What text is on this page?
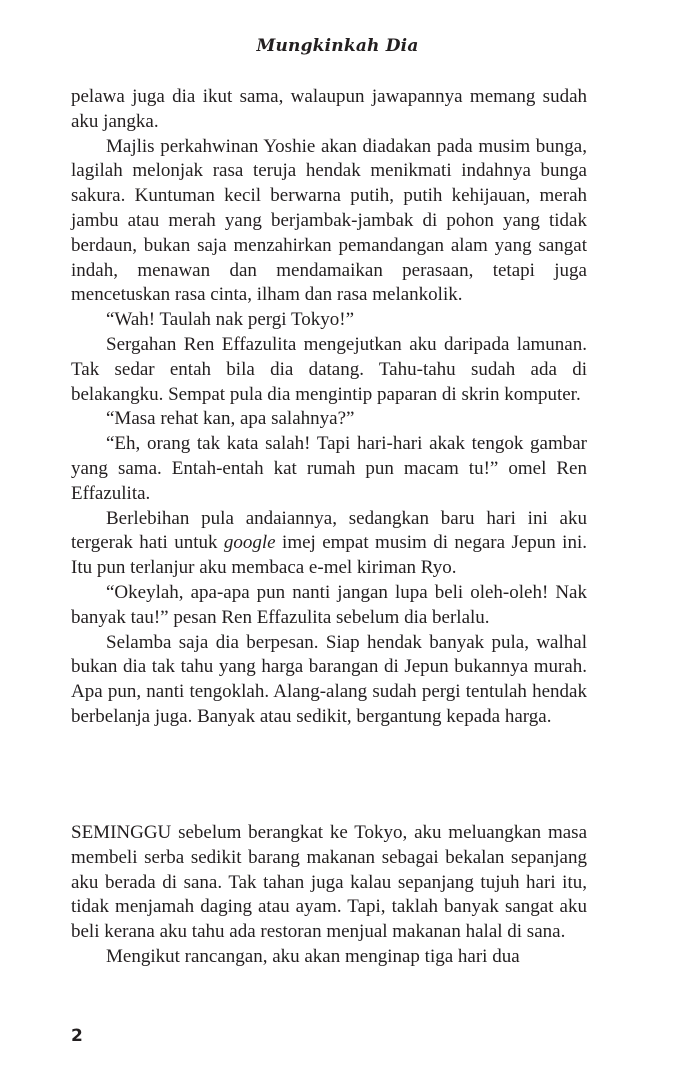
Mungkinkah Dia

pelawa juga dia ikut sama, walaupun jawapannya memang sudah aku jangka.

Majlis perkahwinan Yoshie akan diadakan pada musim bunga, lagilah melonjak rasa teruja hendak menikmati indahnya bunga sakura. Kuntuman kecil berwarna putih, putih kehijauan, merah jambu atau merah yang berjambak-jambak di pohon yang tidak berdaun, bukan saja menzahirkan pemandangan alam yang sangat indah, menawan dan mendamaikan perasaan, tetapi juga mencetuskan rasa cinta, ilham dan rasa melankolik.

“Wah! Taulah nak pergi Tokyo!”

Sergahan Ren Effazulita mengejutkan aku daripada lamunan. Tak sedar entah bila dia datang. Tahu-tahu sudah ada di belakangku. Sempat pula dia mengintip paparan di skrin komputer.

“Masa rehat kan, apa salahnya?”

“Eh, orang tak kata salah! Tapi hari-hari akak tengok gambar yang sama. Entah-entah kat rumah pun macam tu!” omel Ren Effazulita.

Berlebihan pula andaiannya, sedangkan baru hari ini aku tergerak hati untuk google imej empat musim di negara Jepun ini. Itu pun terlanjur aku membaca e-mel kiriman Ryo.

“Okeylah, apa-apa pun nanti jangan lupa beli oleh-oleh! Nak banyak tau!” pesan Ren Effazulita sebelum dia berlalu.

Selamba saja dia berpesan. Siap hendak banyak pula, walhal bukan dia tak tahu yang harga barangan di Jepun bukannya murah. Apa pun, nanti tengoklah. Alang-alang sudah pergi tentulah hendak berbelanja juga. Banyak atau sedikit, bergantung kepada harga.

SEMINGGU sebelum berangkat ke Tokyo, aku meluangkan masa membeli serba sedikit barang makanan sebagai bekalan sepanjang aku berada di sana. Tak tahan juga kalau sepanjang tujuh hari itu, tidak menjamah daging atau ayam. Tapi, taklah banyak sangat aku beli kerana aku tahu ada restoran menjual makanan halal di sana.

Mengikut rancangan, aku akan menginap tiga hari dua

2
